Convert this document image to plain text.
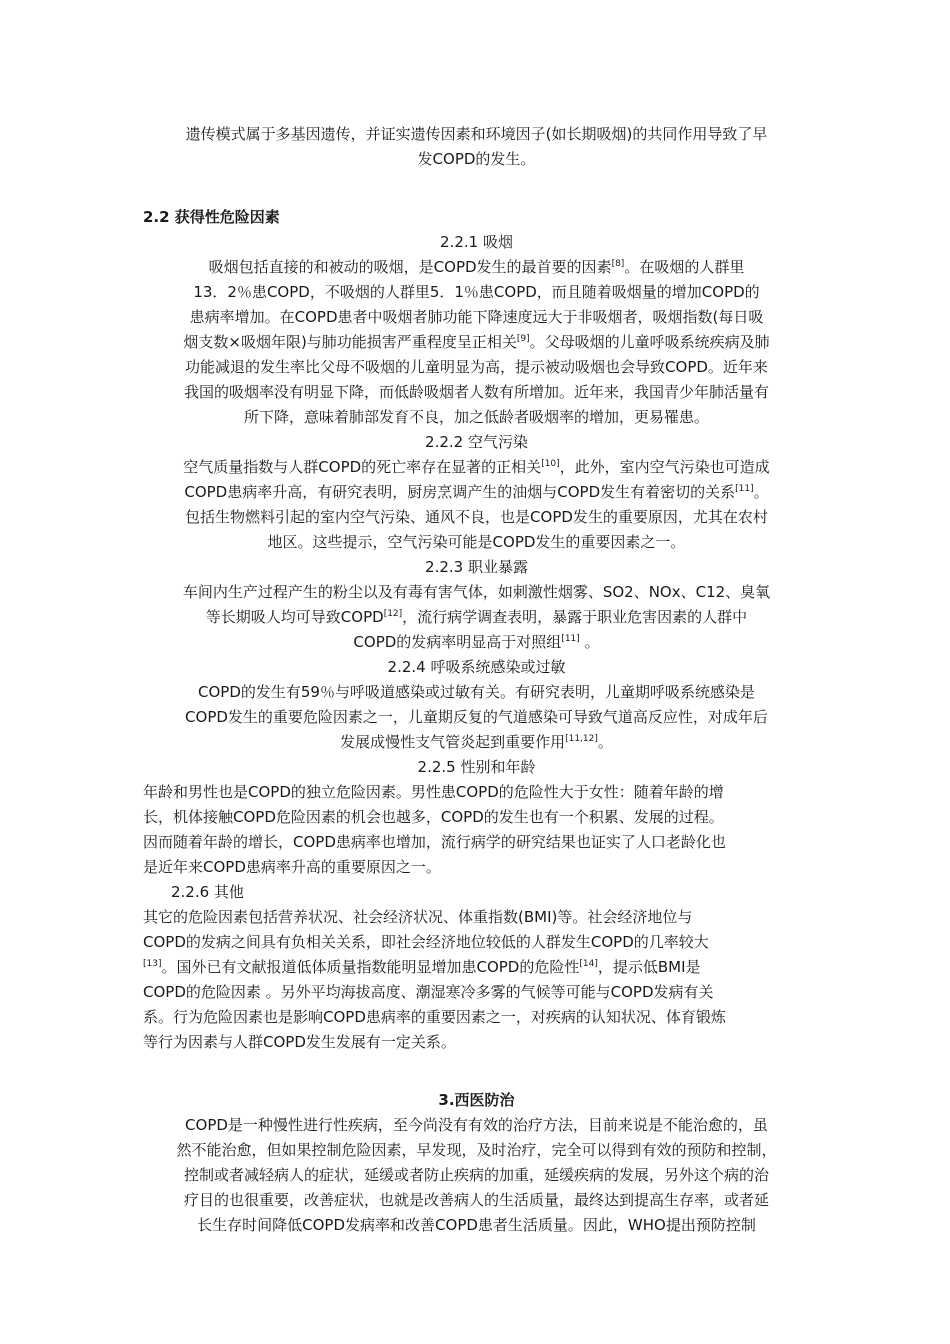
遗传模式属于多基因遗传，并证实遗传因素和环境因子(如长期吸烟)的共同作用导致了早
发COPD的发生。
2.2 获得性危险因素
2.2.1 吸烟
吸烟包括直接的和被动的吸烟，是COPD发生的最首要的因素[8]。在吸烟的人群里
13．2％患COPD，不吸烟的人群里5．1％患COPD，而且随着吸烟量的增加COPD的
患病率增加。在COPD患者中吸烟者肺功能下降速度远大于非吸烟者，吸烟指数(每日吸
烟支数×吸烟年限)与肺功能损害严重程度呈正相关[9]。父母吸烟的儿童呼吸系统疾病及肺
功能减退的发生率比父母不吸烟的儿童明显为高，提示被动吸烟也会导致COPD。近年来
我国的吸烟率没有明显下降，而低龄吸烟者人数有所增加。近年来，我国青少年肺活量有
所下降，意味着肺部发育不良，加之低龄者吸烟率的增加，更易罹患。
2.2.2 空气污染
空气质量指数与人群COPD的死亡率存在显著的正相关[10]，此外，室内空气污染也可造成
COPD患病率升高，有研究表明，厨房烹调产生的油烟与COPD发生有着密切的关系[11]。
包括生物燃料引起的室内空气污染、通风不良，也是COPD发生的重要原因，尤其在农村
地区。这些提示，空气污染可能是COPD发生的重要因素之一。
2.2.3 职业暴露
车间内生产过程产生的粉尘以及有毒有害气体，如刺激性烟雾、SO2、NOx、C12、臭氧
等长期吸人均可导致COPD[12]，流行病学调查表明，暴露于职业危害因素的人群中
COPD的发病率明显高于对照组[11] 。
2.2.4 呼吸系统感染或过敏
COPD的发生有59％与呼吸道感染或过敏有关。有研究表明，儿童期呼吸系统感染是
COPD发生的重要危险因素之一，儿童期反复的气道感染可导致气道高反应性，对成年后
发展成慢性支气管炎起到重要作用[11,12]。
2.2.5 性别和年龄
年龄和男性也是COPD的独立危险因素。男性患COPD的危险性大于女性：随着年龄的增
长，机体接触COPD危险因素的机会也越多，COPD的发生也有一个积累、发展的过程。
因而随着年龄的增长，COPD患病率也增加，流行病学的研究结果也证实了人口老龄化也
是近年来COPD患病率升高的重要原因之一。
2.2.6 其他
其它的危险因素包括营养状况、社会经济状况、体重指数(BMI)等。社会经济地位与
COPD的发病之间具有负相关关系，即社会经济地位较低的人群发生COPD的几率较大
[13]。国外已有文献报道低体质量指数能明显增加患COPD的危险性[14]，提示低BMI是
COPD的危险因素 。另外平均海拔高度、潮湿寒冷多雾的气候等可能与COPD发病有关
系。行为危险因素也是影响COPD患病率的重要因素之一，对疾病的认知状况、体育锻炼
等行为因素与人群COPD发生发展有一定关系。
3.西医防治
COPD是一种慢性进行性疾病，至今尚没有有效的治疗方法，目前来说是不能治愈的，虽
然不能治愈，但如果控制危险因素，早发现，及时治疗，完全可以得到有效的预防和控制，
控制或者减轻病人的症状，延缓或者防止疾病的加重，延缓疾病的发展，另外这个病的治
疗目的也很重要，改善症状，也就是改善病人的生活质量，最终达到提高生存率，或者延
长生存时间降低COPD发病率和改善COPD患者生活质量。因此，WHO提出预防控制
